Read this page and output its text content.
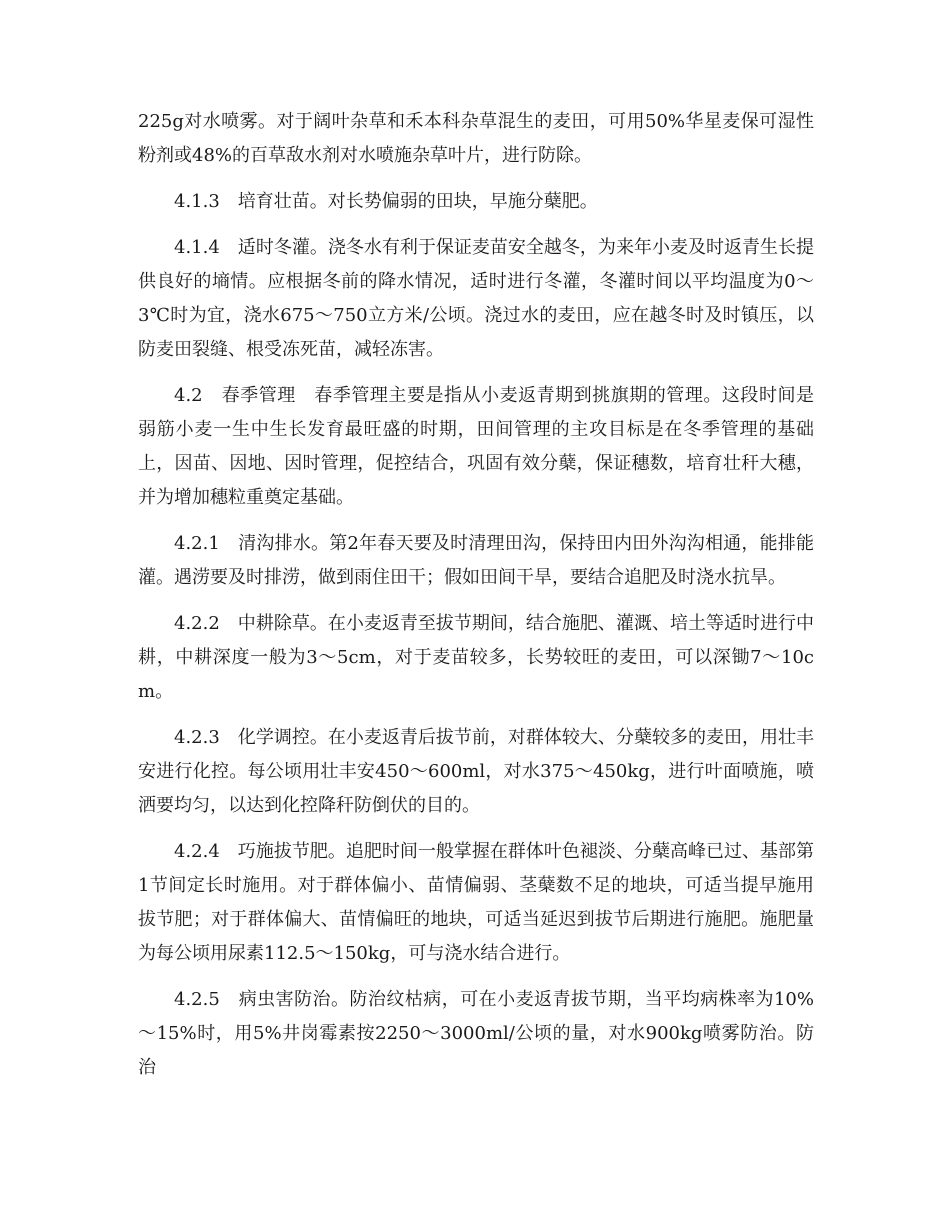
225g对水喷雾。对于阔叶杂草和禾本科杂草混生的麦田，可用50%华星麦保可湿性粉剂或48%的百草敌水剂对水喷施杂草叶片，进行防除。

4.1.3　培育壮苗。对长势偏弱的田块，早施分蘖肥。

4.1.4　适时冬灌。浇冬水有利于保证麦苗安全越冬，为来年小麦及时返青生长提供良好的墒情。应根据冬前的降水情况，适时进行冬灌，冬灌时间以平均温度为0～3℃时为宜，浇水675～750立方米/公顷。浇过水的麦田，应在越冬时及时镇压，以防麦田裂缝、根受冻死苗，减轻冻害。

4.2　春季管理　春季管理主要是指从小麦返青期到挑旗期的管理。这段时间是弱筋小麦一生中生长发育最旺盛的时期，田间管理的主攻目标是在冬季管理的基础上，因苗、因地、因时管理，促控结合，巩固有效分蘖，保证穗数，培育壮秆大穗，并为增加穗粒重奠定基础。

4.2.1　清沟排水。第2年春天要及时清理田沟，保持田内田外沟沟相通，能排能灌。遇涝要及时排涝，做到雨住田干；假如田间干旱，要结合追肥及时浇水抗旱。

4.2.2　中耕除草。在小麦返青至拔节期间，结合施肥、灌溉、培土等适时进行中耕，中耕深度一般为3～5cm，对于麦苗较多，长势较旺的麦田，可以深锄7～10cm。

4.2.3　化学调控。在小麦返青后拔节前，对群体较大、分蘖较多的麦田，用壮丰安进行化控。每公顷用壮丰安450～600ml，对水375～450kg，进行叶面喷施，喷洒要均匀，以达到化控降秆防倒伏的目的。

4.2.4　巧施拔节肥。追肥时间一般掌握在群体叶色褪淡、分蘖高峰已过、基部第1节间定长时施用。对于群体偏小、苗情偏弱、茎蘖数不足的地块，可适当提早施用拔节肥；对于群体偏大、苗情偏旺的地块，可适当延迟到拔节后期进行施肥。施肥量为每公顷用尿素112.5～150kg，可与浇水结合进行。

4.2.5　病虫害防治。防治纹枯病，可在小麦返青拔节期，当平均病株率为10%～15%时，用5%井岗霉素按2250～3000ml/公顷的量，对水900kg喷雾防治。防治
